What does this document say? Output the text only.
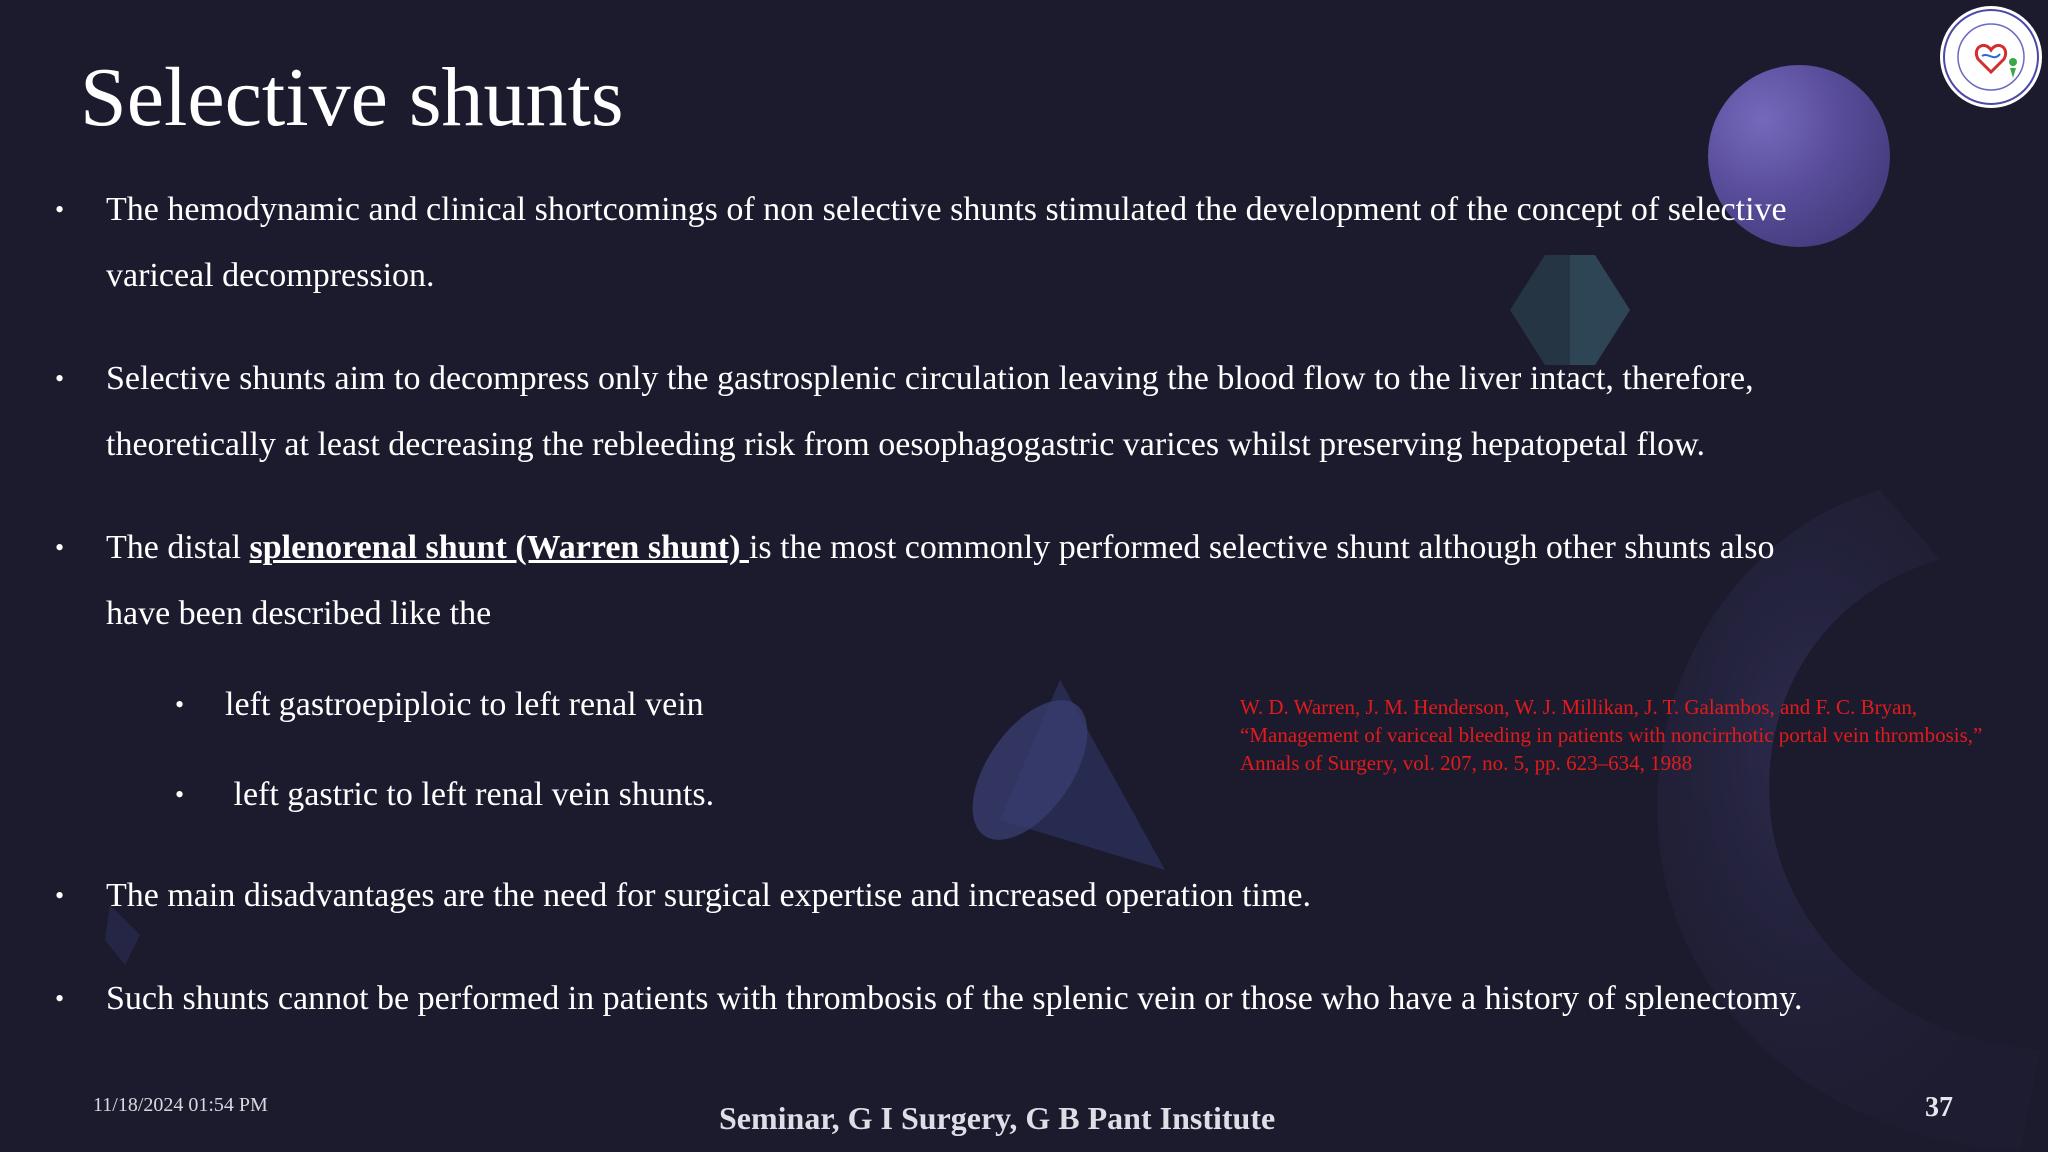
Selective shunts
• The hemodynamic and clinical shortcomings of non selective shunts stimulated the development of the concept of selective
variceal decompression.
• Selective shunts aim to decompress only the gastrosplenic circulation leaving the blood flow to the liver intact, therefore,
theoretically at least decreasing the rebleeding risk from oesophagogastric varices whilst preserving hepatopetal flow.
• The distal splenorenal shunt (Warren shunt) is the most commonly performed selective shunt although other shunts also
have been described like the
• left gastroepiploic to left renal vein
• left gastric to left renal vein shunts.
W. D. Warren, J. M. Henderson, W. J. Millikan, J. T. Galambos, and F. C. Bryan, “Management of variceal bleeding in patients with noncirrhotic portal vein thrombosis,” Annals of Surgery, vol. 207, no. 5, pp. 623–634, 1988
• The main disadvantages are the need for surgical expertise and increased operation time.
• Such shunts cannot be performed in patients with thrombosis of the splenic vein or those who have a history of splenectomy.
11/18/2024 01:54 PM	Seminar, G I Surgery, G B Pant Institute	37
